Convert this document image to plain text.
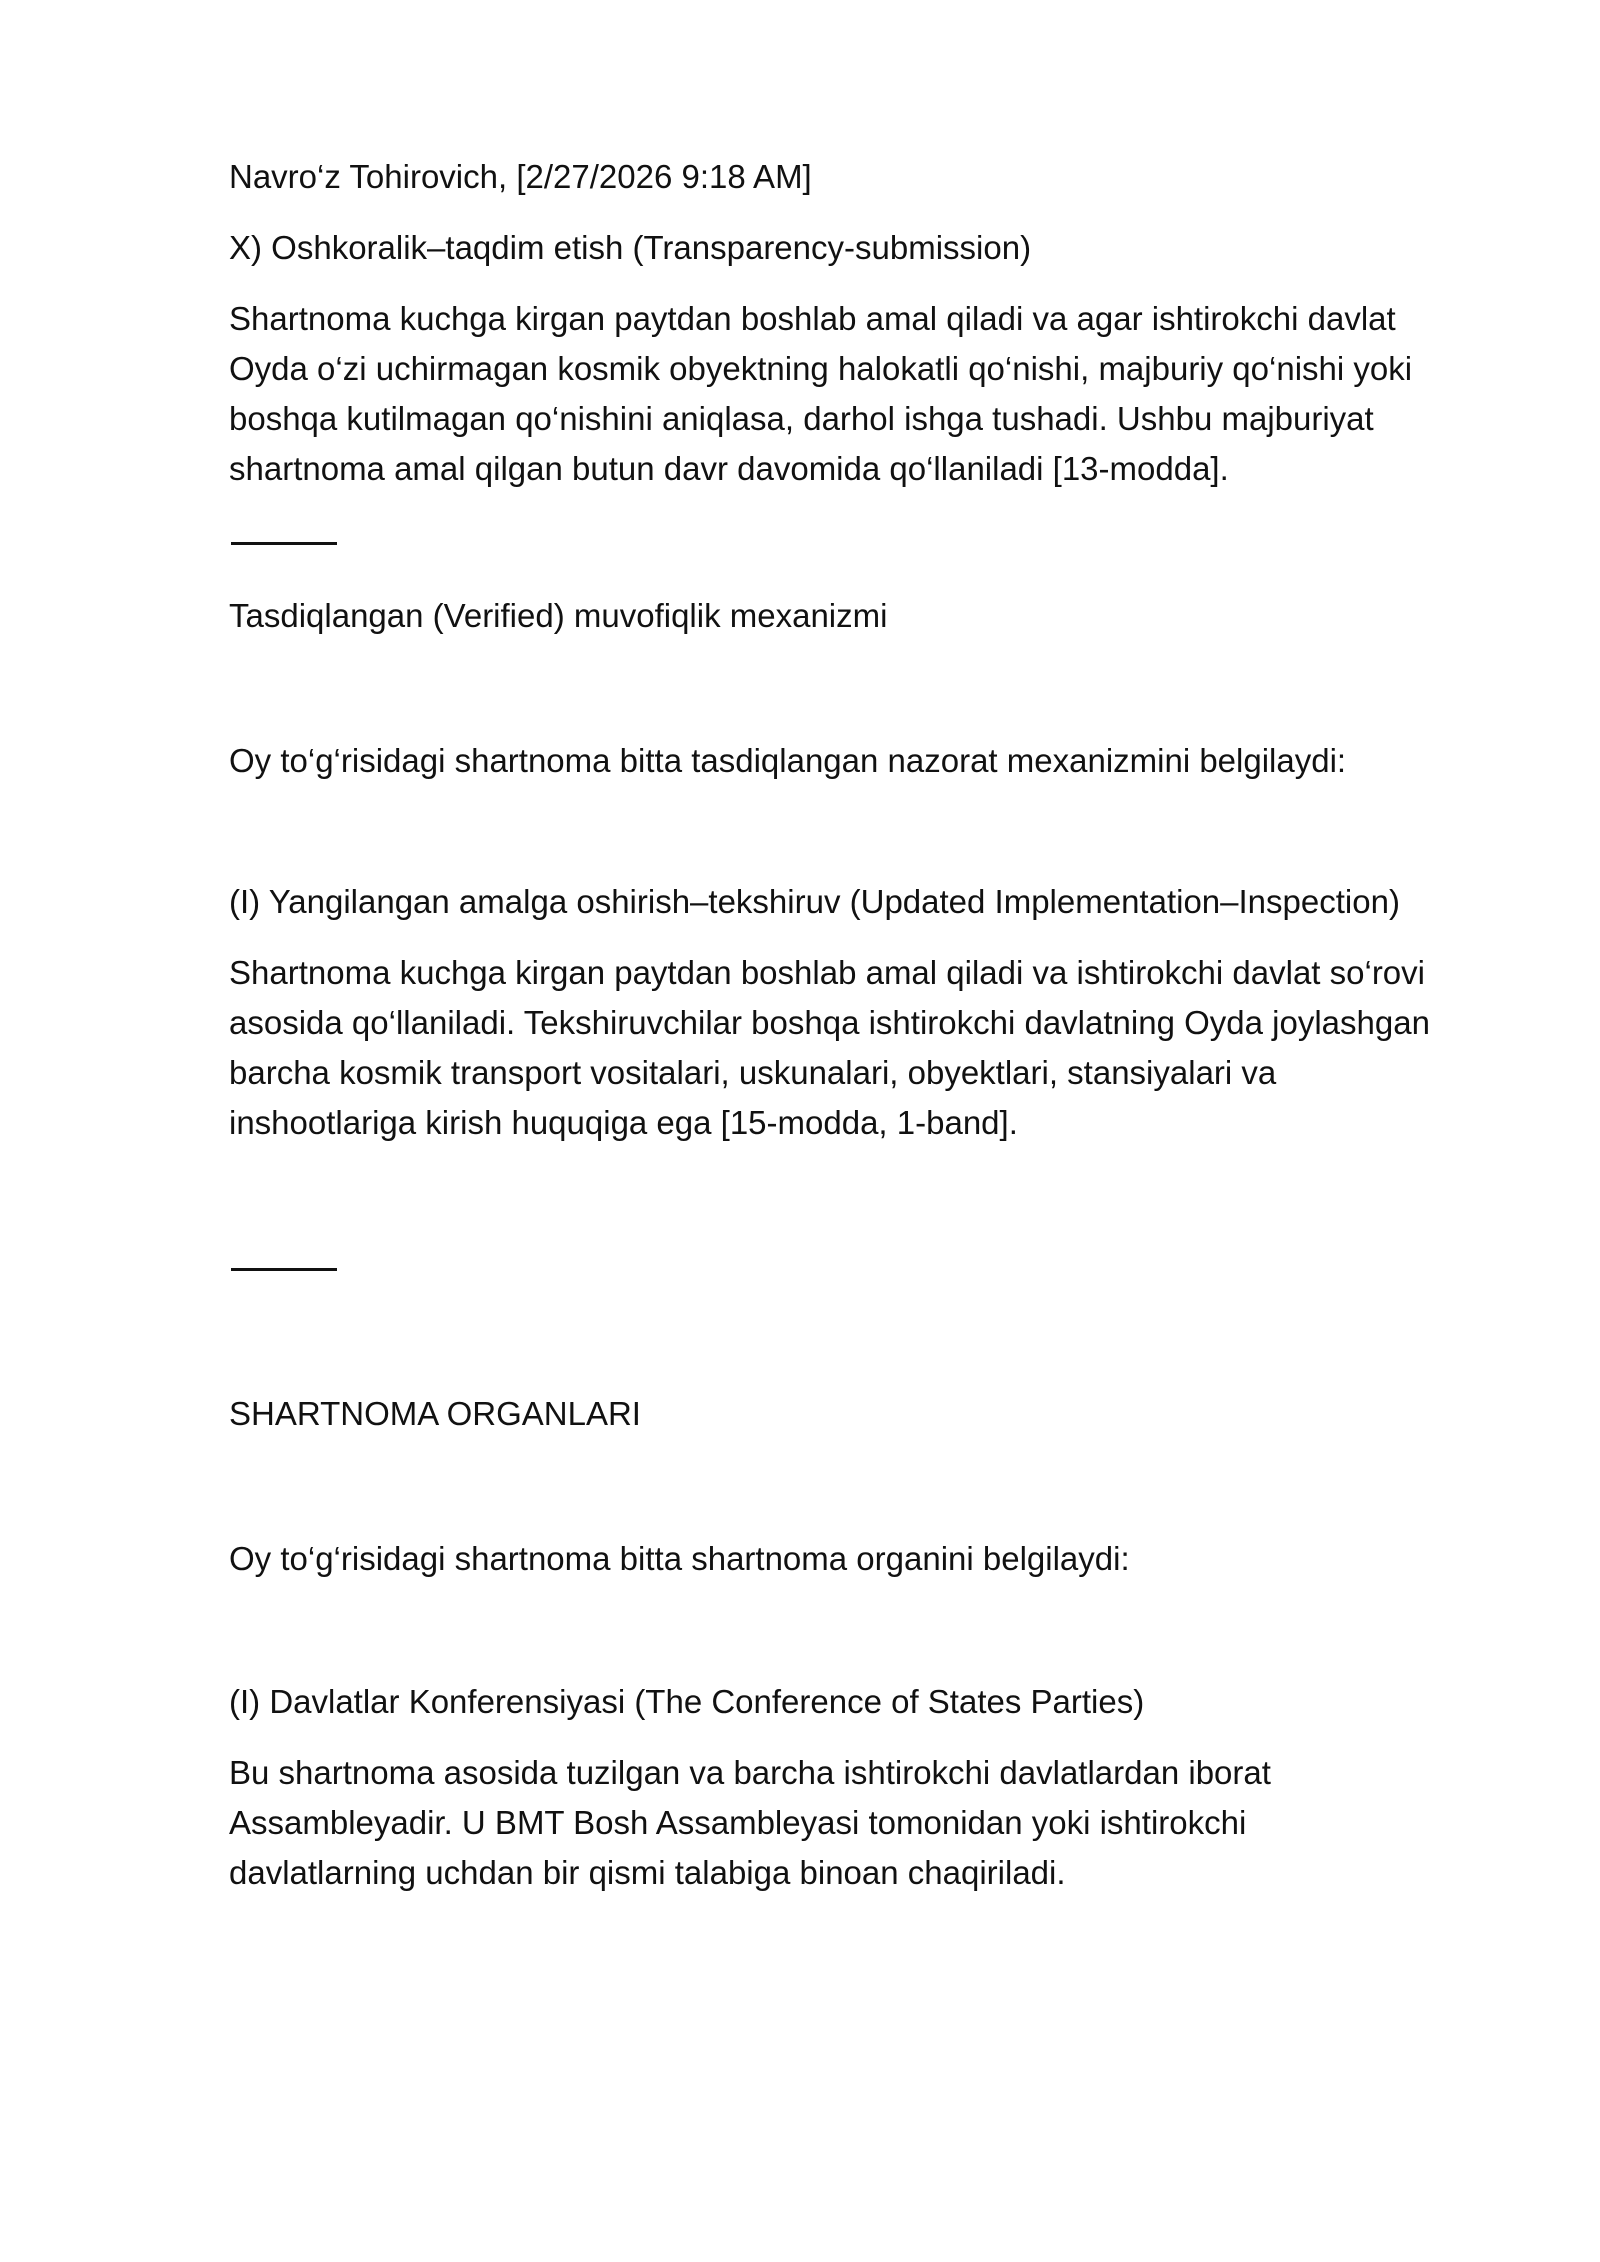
Navro‘z Tohirovich, [2/27/2026 9:18 AM]

X) Oshkoralik–taqdim etish (Transparency-submission)

Shartnoma kuchga kirgan paytdan boshlab amal qiladi va agar ishtirokchi davlat
Oyda o‘zi uchirmagan kosmik obyektning halokatli qo‘nishi, majburiy qo‘nishi yoki
boshqa kutilmagan qo‘nishini aniqlasa, darhol ishga tushadi. Ushbu majburiyat
shartnoma amal qilgan butun davr davomida qo‘llaniladi [13-modda].

Tasdiqlangan (Verified) muvofiqlik mexanizmi

Oy to‘g‘risidagi shartnoma bitta tasdiqlangan nazorat mexanizmini belgilaydi:

(I) Yangilangan amalga oshirish–tekshiruv (Updated Implementation–Inspection)

Shartnoma kuchga kirgan paytdan boshlab amal qiladi va ishtirokchi davlat so‘rovi
asosida qo‘llaniladi. Tekshiruvchilar boshqa ishtirokchi davlatning Oyda joylashgan
barcha kosmik transport vositalari, uskunalari, obyektlari, stansiyalari va
inshootlariga kirish huquqiga ega [15-modda, 1-band].

SHARTNOMA ORGANLARI

Oy to‘g‘risidagi shartnoma bitta shartnoma organini belgilaydi:

(I) Davlatlar Konferensiyasi (The Conference of States Parties)

Bu shartnoma asosida tuzilgan va barcha ishtirokchi davlatlardan iborat
Assambleyadir. U BMT Bosh Assambleyasi tomonidan yoki ishtirokchi
davlatlarning uchdan bir qismi talabiga binoan chaqiriladi.
